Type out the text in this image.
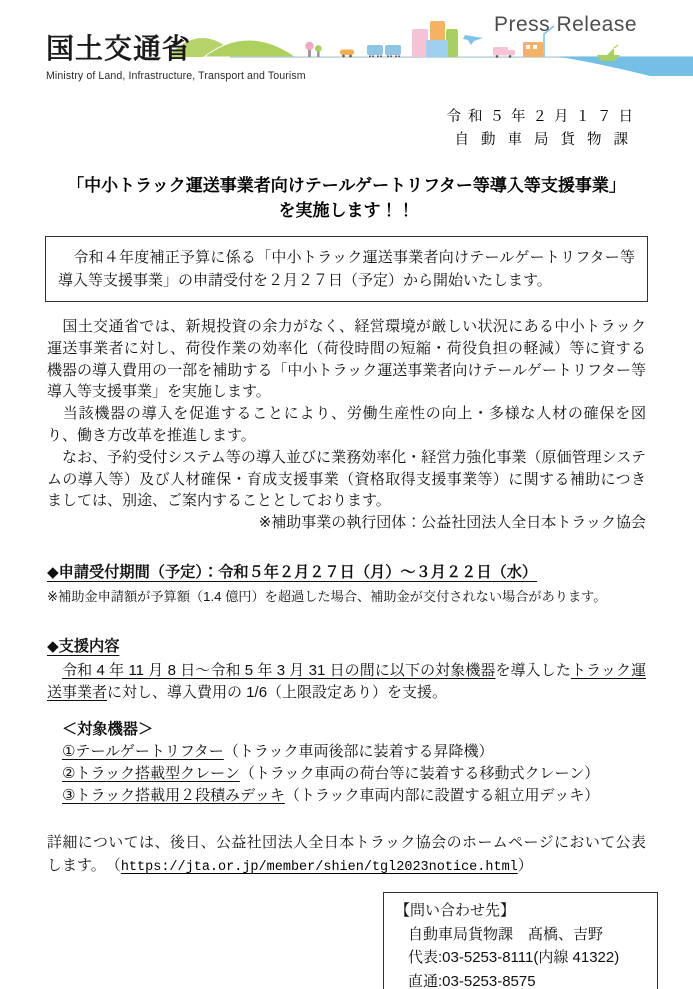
国土交通省
Ministry of Land, Infrastructure, Transport and Tourism
Press Release
令和５年２月１７日
自動車局貨物課
「中小トラック運送事業者向けテールゲートリフター等導入等支援事業」
を実施します！！
　令和４年度補正予算に係る「中小トラック運送事業者向けテールゲートリフター等導入等支援事業」の申請受付を２月２７日（予定）から開始いたします。

　国土交通省では、新規投資の余力がなく、経営環境が厳しい状況にある中小トラック運送事業者に対し、荷役作業の効率化（荷役時間の短縮・荷役負担の軽減）等に資する機器の導入費用の一部を補助する「中小トラック運送事業者向けテールゲートリフター等導入等支援事業」を実施します。

　当該機器の導入を促進することにより、労働生産性の向上・多様な人材の確保を図り、働き方改革を推進します。

　なお、予約受付システム等の導入並びに業務効率化・経営力強化事業（原価管理システムの導入等）及び人材確保・育成支援事業（資格取得支援事業等）に関する補助につきましては、別途、ご案内することとしております。

※補助事業の執行団体：公益社団法人全日本トラック協会

◆申請受付期間（予定）：令和５年２月２７日（月）～３月２２日（水）
※補助金申請額が予算額（1.4 億円）を超過した場合、補助金が交付されない場合があります。
◆支援内容

　令和 4 年 11 月 8 日～令和 5 年 3 月 31 日の間に以下の対象機器を導入したトラック運送事業者に対し、導入費用の 1/6（上限設定あり）を支援。

＜対象機器＞
①テールゲートリフター（トラック車両後部に装着する昇降機）
②トラック搭載型クレーン（トラック車両の荷台等に装着する移動式クレーン）
③トラック搭載用２段積みデッキ（トラック車両内部に設置する組立用デッキ）

詳細については、後日、公益社団法人全日本トラック協会のホームページにおいて公表します。　（https://jta.or.jp/member/shien/tgl2023notice.html）

【問い合わせ先】
自動車局貨物課　髙橋、吉野
代表:03-5253-8111(内線 41322)
直通:03-5253-8575
